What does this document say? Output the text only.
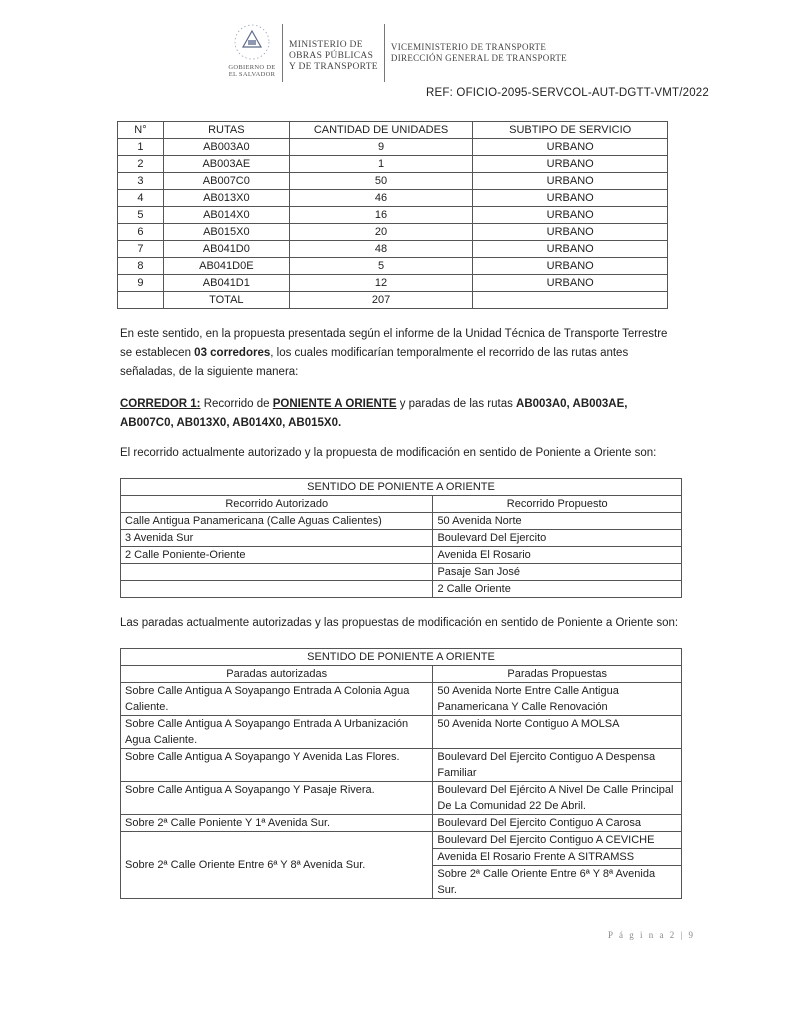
GOBIERNO DE EL SALVADOR
MINISTERIO DE
OBRAS PÚBLICAS
Y DE TRANSPORTE
VICEMINISTERIO DE TRANSPORTE
DIRECCIÓN GENERAL DE TRANSPORTE
REF: OFICIO-2095-SERVCOL-AUT-DGTT-VMT/2022
N°	RUTAS	CANTIDAD DE UNIDADES	SUBTIPO DE SERVICIO
1	AB003A0	9	URBANO
2	AB003AE	1	URBANO
3	AB007C0	50	URBANO
4	AB013X0	46	URBANO
5	AB014X0	16	URBANO
6	AB015X0	20	URBANO
7	AB041D0	48	URBANO
8	AB041D0E	5	URBANO
9	AB041D1	12	URBANO
	TOTAL	207	
En este sentido, en la propuesta presentada según el informe de la Unidad Técnica de Transporte Terrestre se establecen 03 corredores, los cuales modificarían temporalmente el recorrido de las rutas antes señaladas, de la siguiente manera:
CORREDOR 1: Recorrido de PONIENTE A ORIENTE y paradas de las rutas AB003A0, AB003AE, AB007C0, AB013X0, AB014X0, AB015X0.
El recorrido actualmente autorizado y la propuesta de modificación en sentido de Poniente a Oriente son:
SENTIDO DE PONIENTE A ORIENTE	
Recorrido Autorizado	Recorrido Propuesto
Calle Antigua Panamericana (Calle Aguas Calientes)	50 Avenida Norte
3 Avenida Sur	Boulevard Del Ejercito
2 Calle Poniente-Oriente	Avenida El Rosario
	Pasaje San José
	2 Calle Oriente
Las paradas actualmente autorizadas y las propuestas de modificación en sentido de Poniente a Oriente son:
SENTIDO DE PONIENTE A ORIENTE	
Paradas autorizadas	Paradas Propuestas
Sobre Calle Antigua A Soyapango Entrada A Colonia Agua Caliente.	50 Avenida Norte Entre Calle Antigua Panamericana Y Calle Renovación
Sobre Calle Antigua A Soyapango Entrada A Urbanización Agua Caliente.	50 Avenida Norte Contiguo A MOLSA
Sobre Calle Antigua A Soyapango Y Avenida Las Flores.	Boulevard Del Ejercito Contiguo A Despensa Familiar
Sobre Calle Antigua A Soyapango Y Pasaje Rivera.	Boulevard Del Ejército A Nivel De Calle Principal De La Comunidad 22 De Abril.
Sobre 2ª Calle Poniente Y 1ª Avenida Sur.	Boulevard Del Ejercito Contiguo A Carosa
Sobre 2ª Calle Oriente Entre 6ª Y 8ª Avenida Sur.	Boulevard Del Ejercito Contiguo A CEVICHE
	Avenida El Rosario Frente A SITRAMSS
	Sobre 2ª Calle Oriente Entre 6ª Y 8ª Avenida Sur.
P á g i n a 2 | 9
